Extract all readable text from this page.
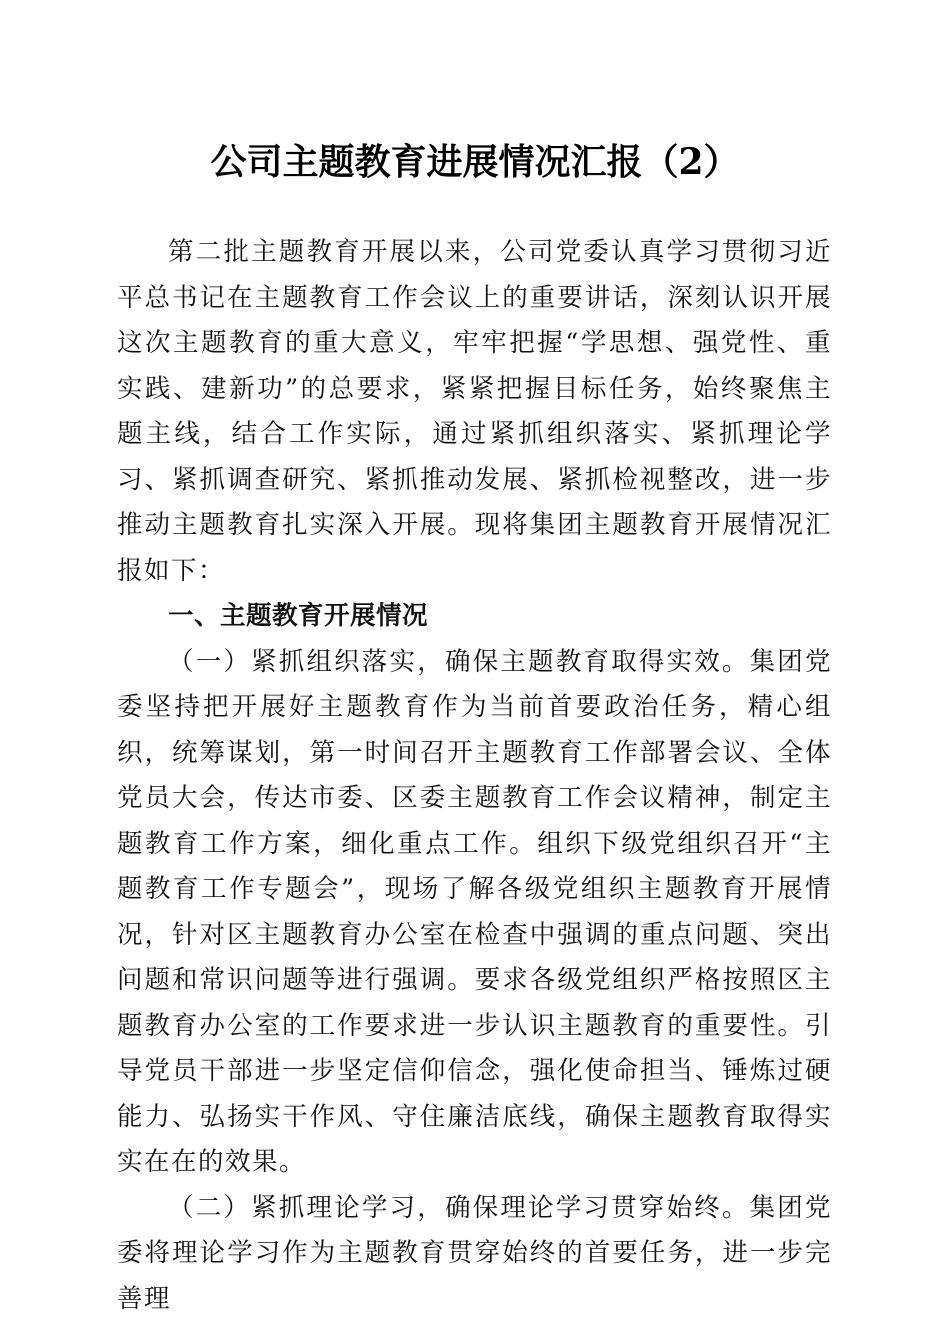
公司主题教育进展情况汇报（2）

第二批主题教育开展以来，公司党委认真学习贯彻习近平总书记在主题教育工作会议上的重要讲话，深刻认识开展这次主题教育的重大意义，牢牢把握“学思想、强党性、重实践、建新功”的总要求，紧紧把握目标任务，始终聚焦主题主线，结合工作实际，通过紧抓组织落实、紧抓理论学习、紧抓调查研究、紧抓推动发展、紧抓检视整改，进一步推动主题教育扎实深入开展。现将集团主题教育开展情况汇报如下：

一、主题教育开展情况

（一）紧抓组织落实，确保主题教育取得实效。集团党委坚持把开展好主题教育作为当前首要政治任务，精心组织，统筹谋划，第一时间召开主题教育工作部署会议、全体党员大会，传达市委、区委主题教育工作会议精神，制定主题教育工作方案，细化重点工作。组织下级党组织召开“主题教育工作专题会”，现场了解各级党组织主题教育开展情况，针对区主题教育办公室在检查中强调的重点问题、突出问题和常识问题等进行强调。要求各级党组织严格按照区主题教育办公室的工作要求进一步认识主题教育的重要性。引导党员干部进一步坚定信仰信念，强化使命担当、锤炼过硬能力、弘扬实干作风、守住廉洁底线，确保主题教育取得实实在在的效果。

（二）紧抓理论学习，确保理论学习贯穿始终。集团党委将理论学习作为主题教育贯穿始终的首要任务，进一步完善理
